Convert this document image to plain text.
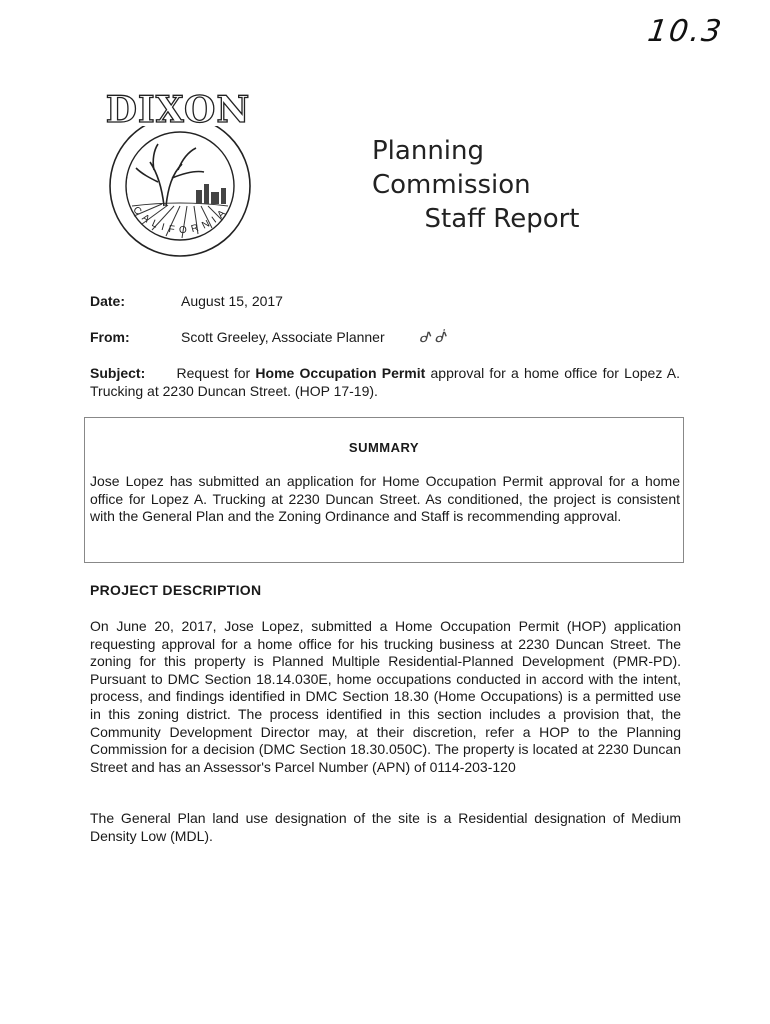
10.3
DIXON
CALIFORNIA
Planning Commission
Staff Report
Date:	August 15, 2017
From:	Scott Greeley, Associate Planner ᕷ ᕸ
Subject: Request for Home Occupation Permit approval for a home office for Lopez A. Trucking at 2230 Duncan Street. (HOP 17-19).
SUMMARY
Jose Lopez has submitted an application for Home Occupation Permit approval for a home office for Lopez A. Trucking at 2230 Duncan Street. As conditioned, the project is consistent with the General Plan and the Zoning Ordinance and Staff is recommending approval.
PROJECT DESCRIPTION
On June 20, 2017, Jose Lopez, submitted a Home Occupation Permit (HOP) application requesting approval for a home office for his trucking business at 2230 Duncan Street. The zoning for this property is Planned Multiple Residential-Planned Development (PMR-PD). Pursuant to DMC Section 18.14.030E, home occupations conducted in accord with the intent, process, and findings identified in DMC Section 18.30 (Home Occupations) is a permitted use in this zoning district. The process identified in this section includes a provision that, the Community Development Director may, at their discretion, refer a HOP to the Planning Commission for a decision (DMC Section 18.30.050C). The property is located at 2230 Duncan Street and has an Assessor's Parcel Number (APN) of 0114-203-120
The General Plan land use designation of the site is a Residential designation of Medium Density Low (MDL).
